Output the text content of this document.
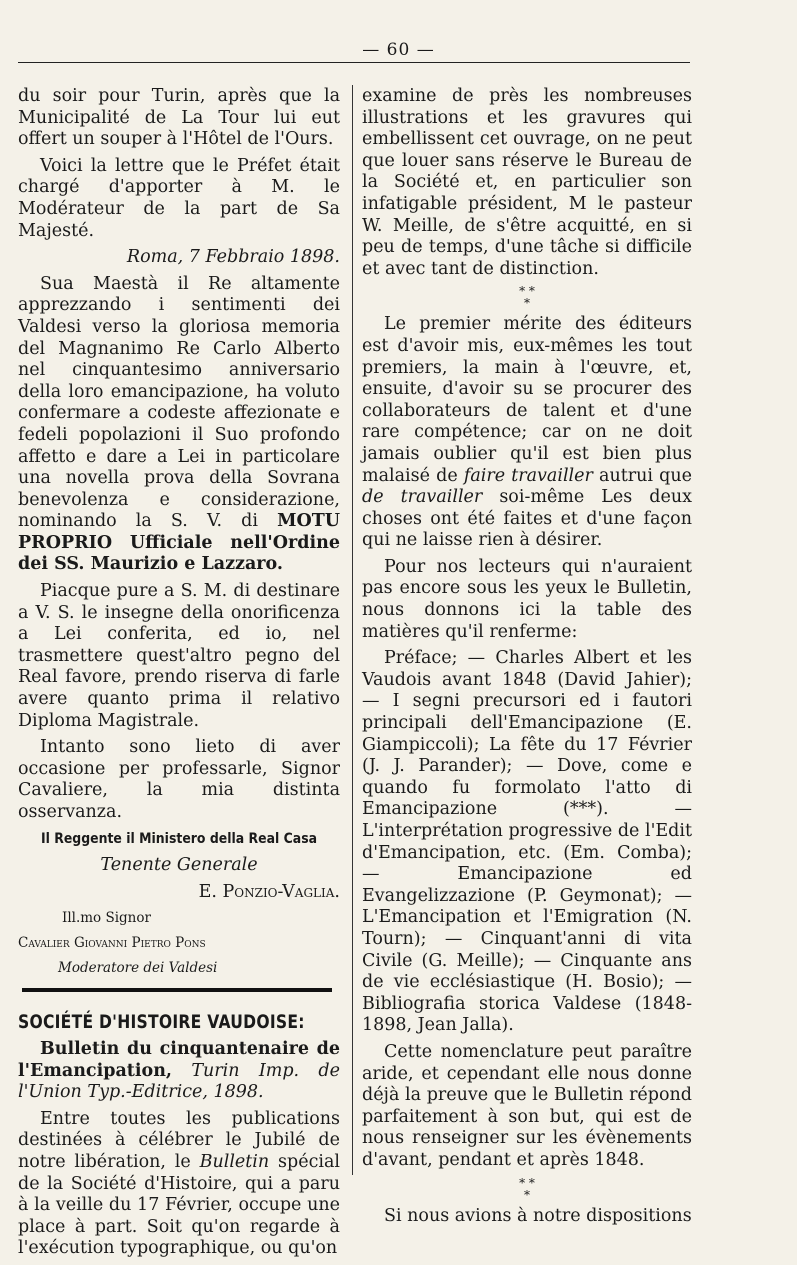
— 60 —

du soir pour Turin, après que la Municipalité de La Tour lui eut offert un souper à l'Hôtel de l'Ours.

Voici la lettre que le Préfet était chargé d'apporter à M. le Modérateur de la part de Sa Majesté.

Roma, 7 Febbraio 1898.

Sua Maestà il Re altamente apprezzando i sentimenti dei Valdesi verso la gloriosa memoria del Magnanimo Re Carlo Alberto nel cinquantesimo anniversario della loro emancipazione, ha voluto confermare a codeste affezionate e fedeli popolazioni il Suo profondo affetto e dare a Lei in particolare una novella prova della Sovrana benevolenza e considerazione, nominando la S. V. di MOTU PROPRIO Ufficiale nell'Ordine dei SS. Maurizio e Lazzaro.

Piacque pure a S. M. di destinare a V. S. le insegne della onorificenza a Lei conferita, ed io, nel trasmettere quest'altro pegno del Real favore, prendo riserva di farle avere quanto prima il relativo Diploma Magistrale.

Intanto sono lieto di aver occasione per professarle, Signor Cavaliere, la mia distinta osservanza.

Il Reggente il Ministero della Real Casa

Tenente Generale

E. Ponzio-Vaglia.

Ill.mo Signor

Cavalier Giovanni Pietro Pons

Moderatore dei Valdesi

SOCIÉTÉ D'HISTOIRE VAUDOISE:

Bulletin du cinquantenaire de l'Emancipation, Turin Imp. de l'Union Typ.-Editrice, 1898.

Entre toutes les publications destinées à célébrer le Jubilé de notre libération, le Bulletin spécial de la Société d'Histoire, qui a paru à la veille du 17 Février, occupe une place à part. Soit qu'on regarde à l'exécution typographique, ou qu'on

examine de près les nombreuses illustrations et les gravures qui embellissent cet ouvrage, on ne peut que louer sans réserve le Bureau de la Société et, en particulier son infatigable président, M le pasteur W. Meille, de s'être acquitté, en si peu de temps, d'une tâche si difficile et avec tant de distinction.

* *
*

Le premier mérite des éditeurs est d'avoir mis, eux-mêmes les tout premiers, la main à l'œuvre, et, ensuite, d'avoir su se procurer des collaborateurs de talent et d'une rare compétence; car on ne doit jamais oublier qu'il est bien plus malaisé de faire travailler autrui que de travailler soi-même Les deux choses ont été faites et d'une façon qui ne laisse rien à désirer.

Pour nos lecteurs qui n'auraient pas encore sous les yeux le Bulletin, nous donnons ici la table des matières qu'il renferme:

Préface; — Charles Albert et les Vaudois avant 1848 (David Jahier); — I segni precursori ed i fautori principali dell'Emancipazione (E. Giampiccoli); La fête du 17 Février (J. J. Parander); — Dove, come e quando fu formolato l'atto di Emancipazione (***). — L'interprétation progressive de l'Edit d'Emancipation, etc. (Em. Comba); — Emancipazione ed Evangelizzazione (P. Geymonat); — L'Emancipation et l'Emigration (N. Tourn); — Cinquant'anni di vita Civile (G. Meille); — Cinquante ans de vie ecclésiastique (H. Bosio); — Bibliografia storica Valdese (1848-1898, Jean Jalla).

Cette nomenclature peut paraître aride, et cependant elle nous donne déjà la preuve que le Bulletin répond parfaitement à son but, qui est de nous renseigner sur les évènements d'avant, pendant et après 1848.

* *
*

Si nous avions à notre dispositions
